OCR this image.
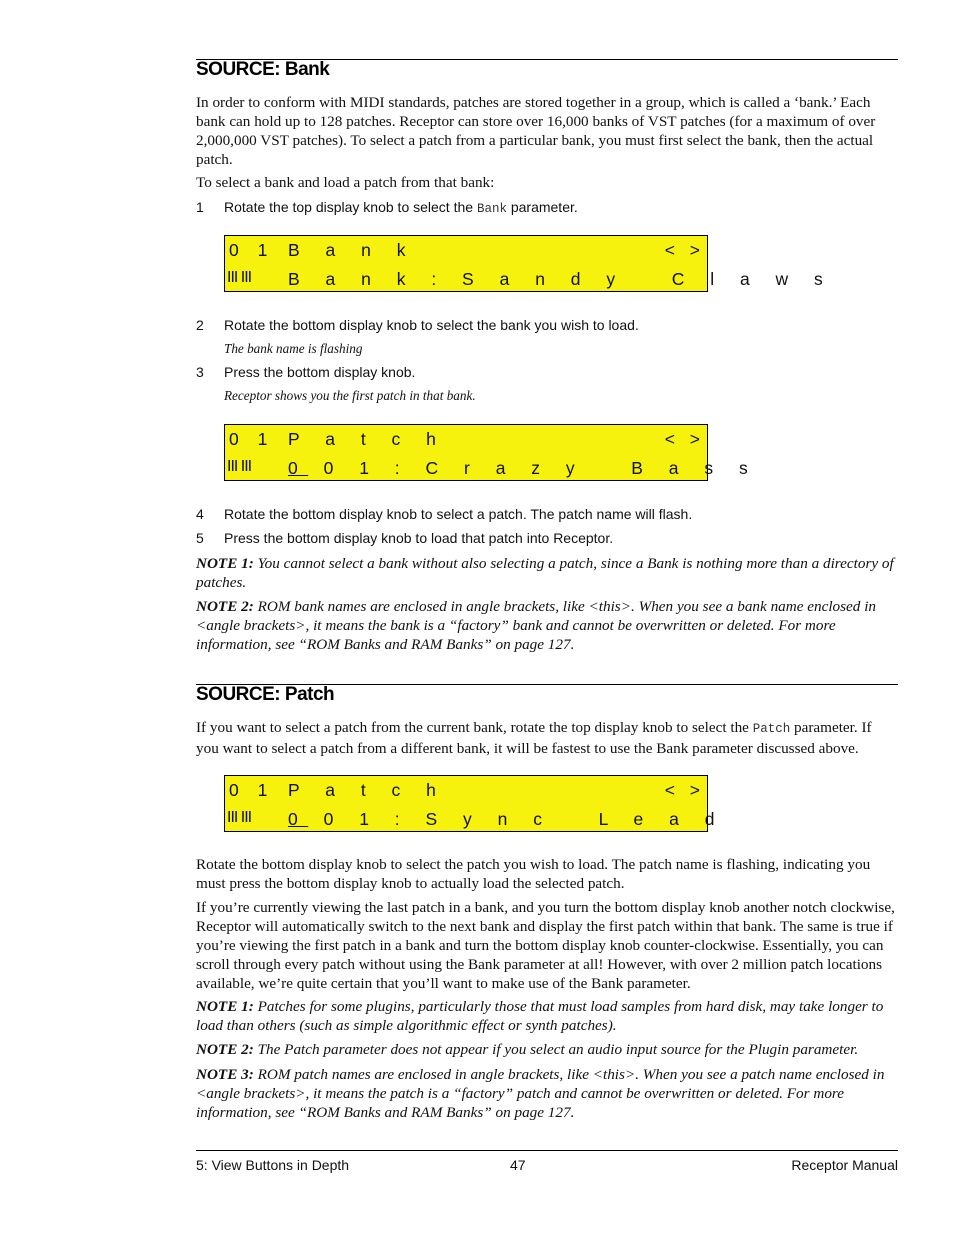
SOURCE: Bank

In order to conform with MIDI standards, patches are stored together in a group, which is called a ‘bank.’ Each bank can hold up to 128 patches. Receptor can store over 16,000 banks of VST patches (for a maximum of over 2,000,000 VST patches). To select a patch from a particular bank, you must first select the bank, then the actual patch.

To select a bank and load a patch from that bank:

1 Rotate the top display knob to select the Bank parameter.
0 1 B a n k	< >
III III B a n k : S a n d y   C l a w s
2 Rotate the bottom display knob to select the bank you wish to load.
The bank name is flashing
3 Press the bottom display knob.
Receptor shows you the first patch in that bank.
0 1 P a t c h	< >
III III 0 0 1 : C r a z y   B a s s
4 Rotate the bottom display knob to select a patch. The patch name will flash.
5 Press the bottom display knob to load that patch into Receptor.

NOTE 1: You cannot select a bank without also selecting a patch, since a Bank is nothing more than a directory of patches.

NOTE 2: ROM bank names are enclosed in angle brackets, like <this>. When you see a bank name enclosed in <angle brackets>, it means the bank is a “factory” bank and cannot be overwritten or deleted. For more information, see “ROM Banks and RAM Banks” on page 127.

SOURCE: Patch

If you want to select a patch from the current bank, rotate the top display knob to select the Patch parameter. If you want to select a patch from a different bank, it will be fastest to use the Bank parameter discussed above.

0 1 P a t c h	< >
III III 0 0 1 : S y n c   L e a d

Rotate the bottom display knob to select the patch you wish to load. The patch name is flashing, indicating you must press the bottom display knob to actually load the selected patch.

If you’re currently viewing the last patch in a bank, and you turn the bottom display knob another notch clockwise, Receptor will automatically switch to the next bank and display the first patch within that bank. The same is true if you’re viewing the first patch in a bank and turn the bottom display knob counter-clockwise. Essentially, you can scroll through every patch without using the Bank parameter at all! However, with over 2 million patch locations available, we’re quite certain that you’ll want to make use of the Bank parameter.

NOTE 1: Patches for some plugins, particularly those that must load samples from hard disk, may take longer to load than others (such as simple algorithmic effect or synth patches).

NOTE 2: The Patch parameter does not appear if you select an audio input source for the Plugin parameter.

NOTE 3: ROM patch names are enclosed in angle brackets, like <this>. When you see a patch name enclosed in <angle brackets>, it means the patch is a “factory” patch and cannot be overwritten or deleted. For more information, see “ROM Banks and RAM Banks” on page 127.

5: View Buttons in Depth	47	Receptor Manual
